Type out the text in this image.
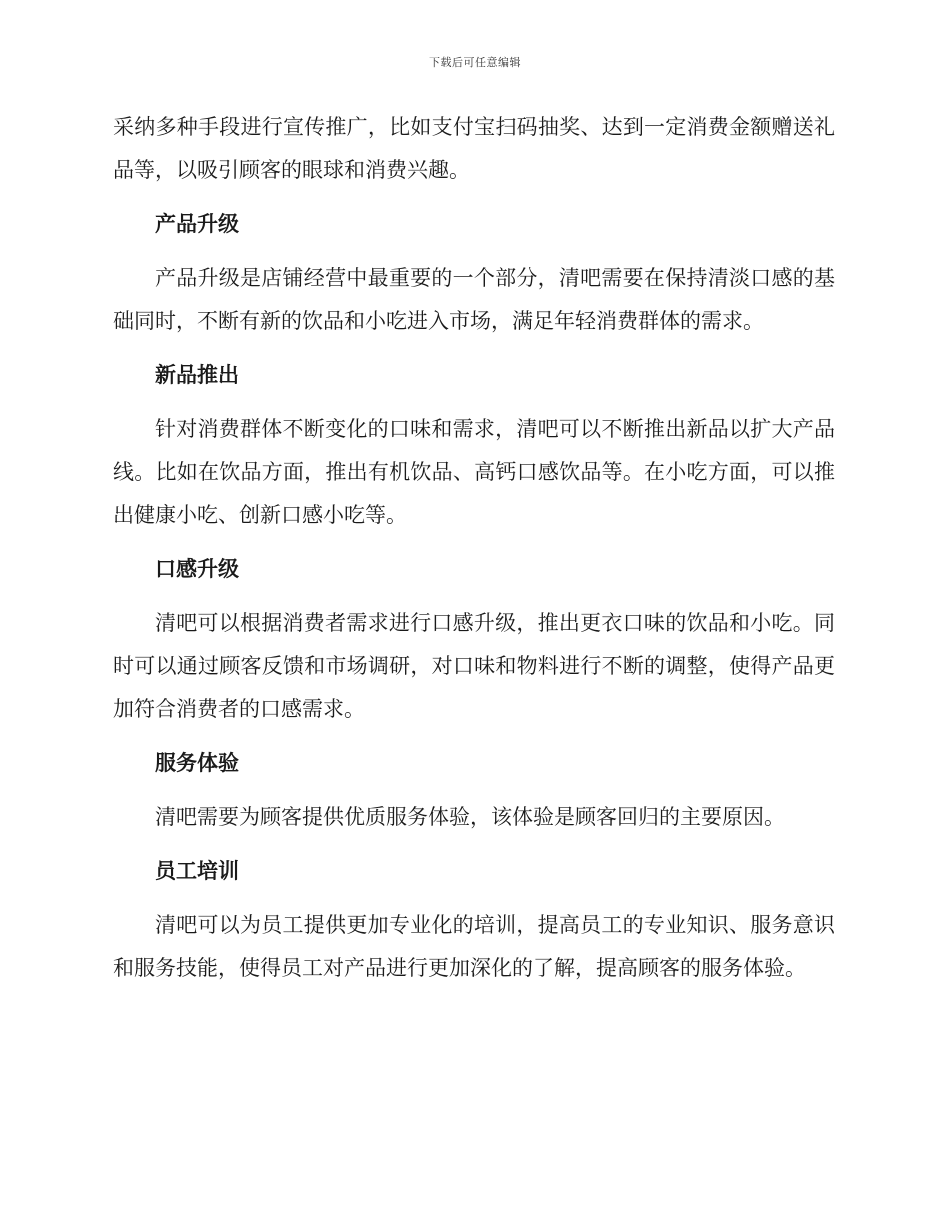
下载后可任意编辑

采纳多种手段进行宣传推广，比如支付宝扫码抽奖、达到一定消费金额赠送礼品等，以吸引顾客的眼球和消费兴趣。

产品升级

产品升级是店铺经营中最重要的一个部分，清吧需要在保持清淡口感的基础同时，不断有新的饮品和小吃进入市场，满足年轻消费群体的需求。

新品推出

针对消费群体不断变化的口味和需求，清吧可以不断推出新品以扩大产品线。比如在饮品方面，推出有机饮品、高钙口感饮品等。在小吃方面，可以推出健康小吃、创新口感小吃等。

口感升级

清吧可以根据消费者需求进行口感升级，推出更衣口味的饮品和小吃。同时可以通过顾客反馈和市场调研，对口味和物料进行不断的调整，使得产品更加符合消费者的口感需求。

服务体验

清吧需要为顾客提供优质服务体验，该体验是顾客回归的主要原因。

员工培训

清吧可以为员工提供更加专业化的培训，提高员工的专业知识、服务意识和服务技能，使得员工对产品进行更加深化的了解，提高顾客的服务体验。
